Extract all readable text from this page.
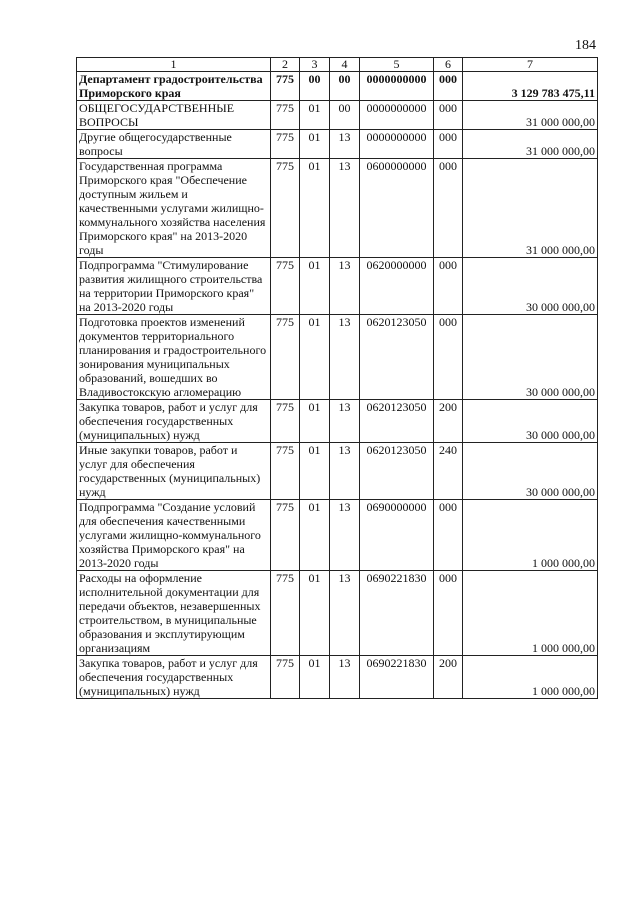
184
1	2	3	4	5	6	7
Департамент градостроительства Приморского края	775	00	00	0000000000	000	3 129 783 475,11
ОБЩЕГОСУДАРСТВЕННЫЕ ВОПРОСЫ	775	01	00	0000000000	000	31 000 000,00
Другие общегосударственные вопросы	775	01	13	0000000000	000	31 000 000,00
Государственная программа Приморского края "Обеспечение доступным жильем и качественными услугами жилищно-коммунального хозяйства населения Приморского края" на 2013-2020 годы	775	01	13	0600000000	000	31 000 000,00
Подпрограмма "Стимулирование развития жилищного строительства на территории Приморского края" на 2013-2020 годы	775	01	13	0620000000	000	30 000 000,00
Подготовка проектов изменений документов территориального планирования и градостроительного зонирования муниципальных образований, вошедших во Владивостокскую агломерацию	775	01	13	0620123050	000	30 000 000,00
Закупка товаров, работ и услуг для обеспечения государственных (муниципальных) нужд	775	01	13	0620123050	200	30 000 000,00
Иные закупки товаров, работ и услуг для обеспечения государственных (муниципальных) нужд	775	01	13	0620123050	240	30 000 000,00
Подпрограмма "Создание условий для обеспечения качественными услугами жилищно-коммунального хозяйства Приморского края" на 2013-2020 годы	775	01	13	0690000000	000	1 000 000,00
Расходы на оформление исполнительной документации для передачи объектов, незавершенных строительством, в муниципальные образования и эксплутирующим организациям	775	01	13	0690221830	000	1 000 000,00
Закупка товаров, работ и услуг для обеспечения государственных (муниципальных) нужд	775	01	13	0690221830	200	1 000 000,00
